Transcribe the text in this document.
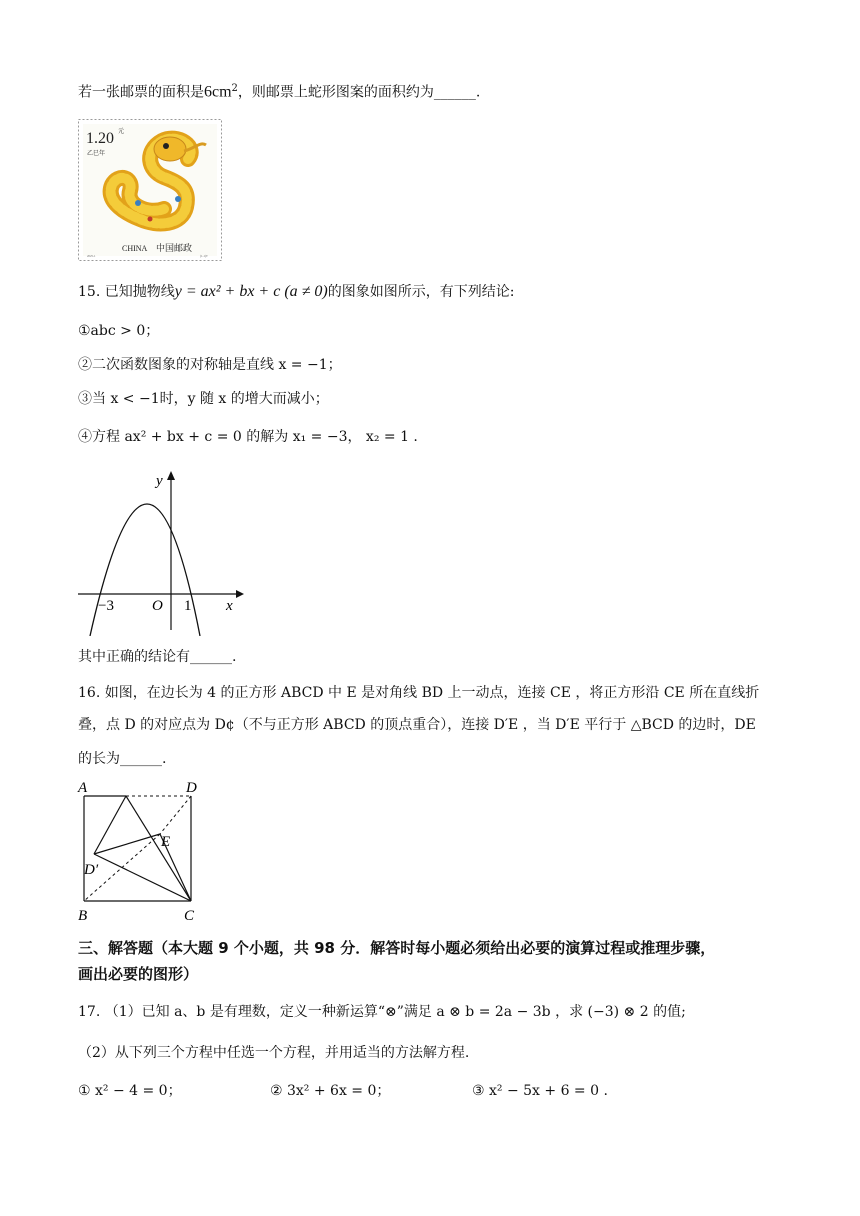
若一张邮票的面积是$6cm^2$，则邮票上蛇形图案的面积约为______.
1.20 元
乙巳年
CHINA 中国邮政
2025-1	(1-1)T
15. 已知抛物线y = ax² + bx + c (a ≠ 0)的图象如图所示，有下列结论:
①abc > 0；
②二次函数图象的对称轴是直线 x = −1；
③当 x < −1时，y 随 x 的增大而减小；
④方程 ax² + bx + c = 0 的解为 x₁ = −3， x₂ = 1 .
y
x
O
−3	1
其中正确的结论有______.
16. 如图，在边长为 4 的正方形 ABCD 中 E 是对角线 BD 上一动点，连接 CE ，将正方形沿 CE 所在直线折
叠，点 D 的对应点为 D¢（不与正方形 ABCD 的顶点重合），连接 D′E ，当 D′E 平行于 △BCD 的边时，DE
的长为______.
A	D
B	C
E
D′
三、解答题（本大题 9 个小题，共 98 分．解答时每小题必须给出必要的演算过程或推理步骤，
画出必要的图形）
17. （1）已知 a、b 是有理数，定义一种新运算“⊗”满足 a ⊗ b = 2a − 3b ，求 (−3) ⊗ 2 的值;
（2）从下列三个方程中任选一个方程，并用适当的方法解方程.
① x² − 4 = 0；	② 3x² + 6x = 0；	③ x² − 5x + 6 = 0 .
